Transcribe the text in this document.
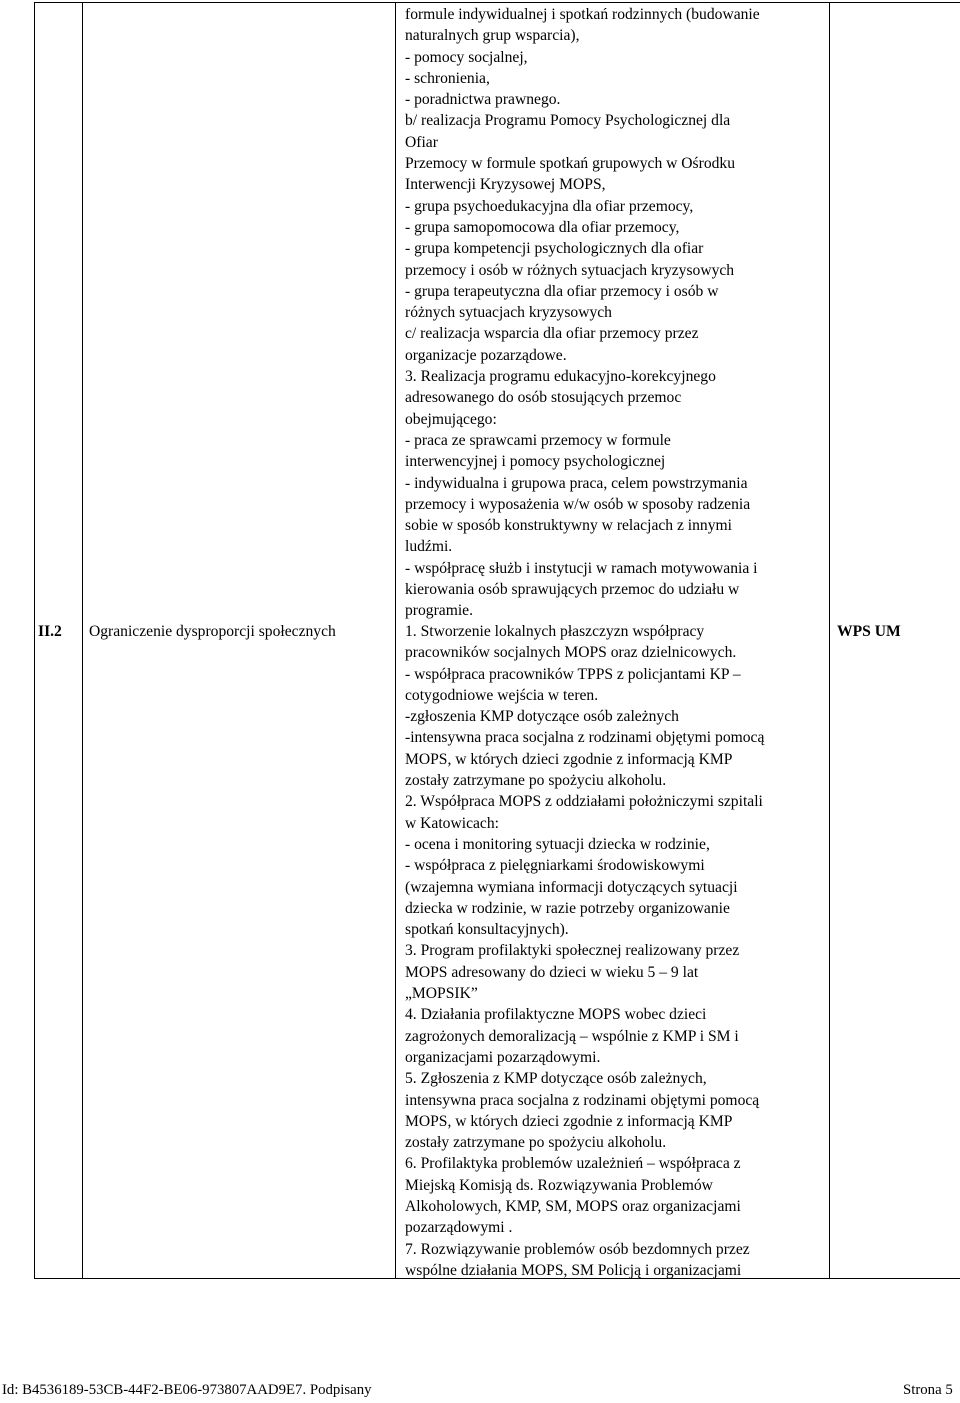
formule indywidualnej i spotkań rodzinnych (budowanie
naturalnych grup wsparcia),
- pomocy socjalnej,
- schronienia,
- poradnictwa prawnego.
b/ realizacja Programu Pomocy Psychologicznej dla
Ofiar
Przemocy w formule spotkań grupowych w Ośrodku
Interwencji Kryzysowej MOPS,
- grupa psychoedukacyjna dla ofiar przemocy,
- grupa samopomocowa dla ofiar przemocy,
- grupa kompetencji psychologicznych dla ofiar
przemocy i osób w różnych sytuacjach kryzysowych
- grupa terapeutyczna dla ofiar przemocy i osób w
różnych sytuacjach kryzysowych
c/ realizacja wsparcia dla ofiar przemocy przez
organizacje pozarządowe.
3. Realizacja programu edukacyjno-korekcyjnego
adresowanego do osób stosujących przemoc
obejmującego:
- praca ze sprawcami przemocy w formule
interwencyjnej i pomocy psychologicznej
- indywidualna i grupowa praca, celem powstrzymania
przemocy i wyposażenia w/w osób w sposoby radzenia
sobie w sposób konstruktywny w relacjach z innymi
ludźmi.
- współpracę służb i instytucji w ramach motywowania i
kierowania osób sprawujących przemoc do udziału w
programie.
II.2 Ograniczenie dysproporcji społecznych	1. Stworzenie lokalnych płaszczyzn współpracy
pracowników socjalnych MOPS oraz dzielnicowych.
- współpraca pracowników TPPS z policjantami KP –
cotygodniowe wejścia w teren.
-zgłoszenia KMP dotyczące osób zależnych
-intensywna praca socjalna z rodzinami objętymi pomocą
MOPS, w których dzieci zgodnie z informacją KMP
zostały zatrzymane po spożyciu alkoholu.
2. Współpraca MOPS z oddziałami położniczymi szpitali
w Katowicach:
- ocena i monitoring sytuacji dziecka w rodzinie,
- współpraca z pielęgniarkami środowiskowymi
(wzajemna wymiana informacji dotyczących sytuacji
dziecka w rodzinie, w razie potrzeby organizowanie
spotkań konsultacyjnych).
3. Program profilaktyki społecznej realizowany przez
MOPS adresowany do dzieci w wieku 5 – 9 lat
„MOPSIK”
4. Działania profilaktyczne MOPS wobec dzieci
zagrożonych demoralizacją – wspólnie z KMP i SM i
organizacjami pozarządowymi.
5. Zgłoszenia z KMP dotyczące osób zależnych,
intensywna praca socjalna z rodzinami objętymi pomocą
MOPS, w których dzieci zgodnie z informacją KMP
zostały zatrzymane po spożyciu alkoholu.
6. Profilaktyka problemów uzależnień – współpraca z
Miejską Komisją ds. Rozwiązywania Problemów
Alkoholowych, KMP, SM, MOPS oraz organizacjami
pozarządowymi .
7. Rozwiązywanie problemów osób bezdomnych przez
wspólne działania MOPS, SM Policją i organizacjami
WPS UM
Id: B4536189-53CB-44F2-BE06-973807AAD9E7. Podpisany	Strona 5
